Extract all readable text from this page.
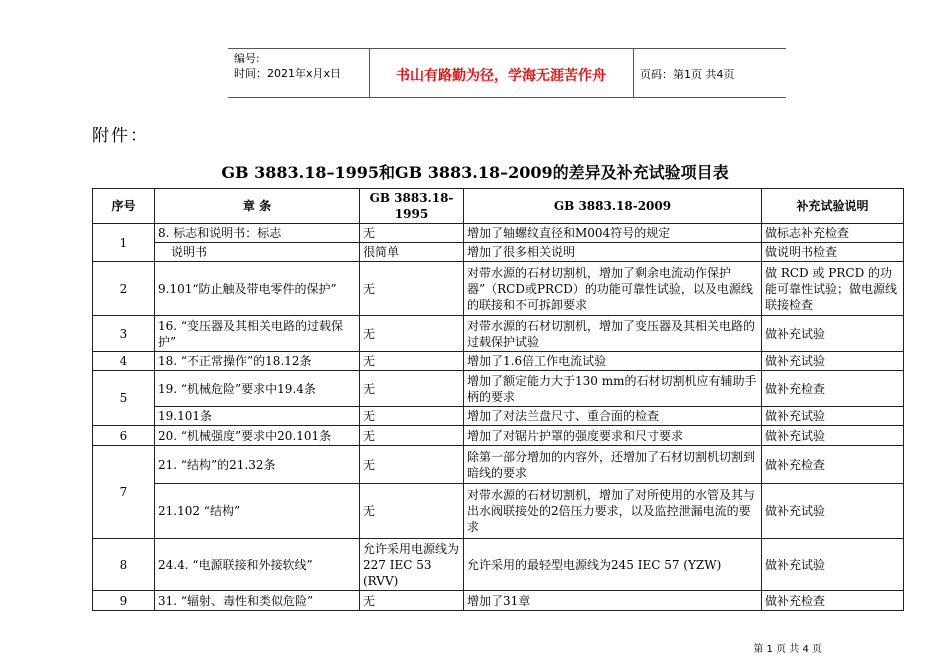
编号:
时间：2021年x月x日	书山有路勤为径，学海无涯苦作舟	页码：第1页 共4页
附件：
GB 3883.18–1995和GB 3883.18–2009的差异及补充试验项目表
序号	章 条	GB 3883.18-1995	GB 3883.18-2009	补充试验说明
1	8. 标志和说明书：标志	无	增加了轴螺纹直径和M004符号的规定	做标志补充检查
	说明书	很简单	增加了很多相关说明	做说明书检查
2	9.101“防止触及带电零件的保护”	无	对带水源的石材切割机，增加了剩余电流动作保护器”（RCD或PRCD）的功能可靠性试验，以及电源线的联接和不可拆卸要求	做 RCD 或 PRCD 的功能可靠性试验；做电源线联接检查
3	16. “变压器及其相关电路的过载保护”	无	对带水源的石材切割机，增加了变压器及其相关电路的过载保护试验	做补充试验
4	18. “不正常操作”的18.12条	无	增加了1.6倍工作电流试验	做补充试验
5	19. “机械危险”要求中19.4条	无	增加了额定能力大于130 mm的石材切割机应有辅助手柄的要求	做补充检查
	19.101条	无	增加了对法兰盘尺寸、重合面的检查	做补充试验
6	20. “机械强度”要求中20.101条	无	增加了对锯片护罩的强度要求和尺寸要求	做补充试验
7	21. “结构”的21.32条	无	除第一部分增加的内容外，还增加了石材切割机切割到暗线的要求	做补充检查
	21.102 “结构”	无	对带水源的石材切割机，增加了对所使用的水管及其与出水阀联接处的2倍压力要求，以及监控泄漏电流的要求	做补充试验
8	24.4. “电源联接和外接软线”	允许采用电源线为 227 IEC 53 (RVV)	允许采用的最轻型电源线为245 IEC 57 (YZW)	做补充试验
9	31. “辐射、毒性和类似危险”	无	增加了31章	做补充检查
第 1 页 共 4 页
